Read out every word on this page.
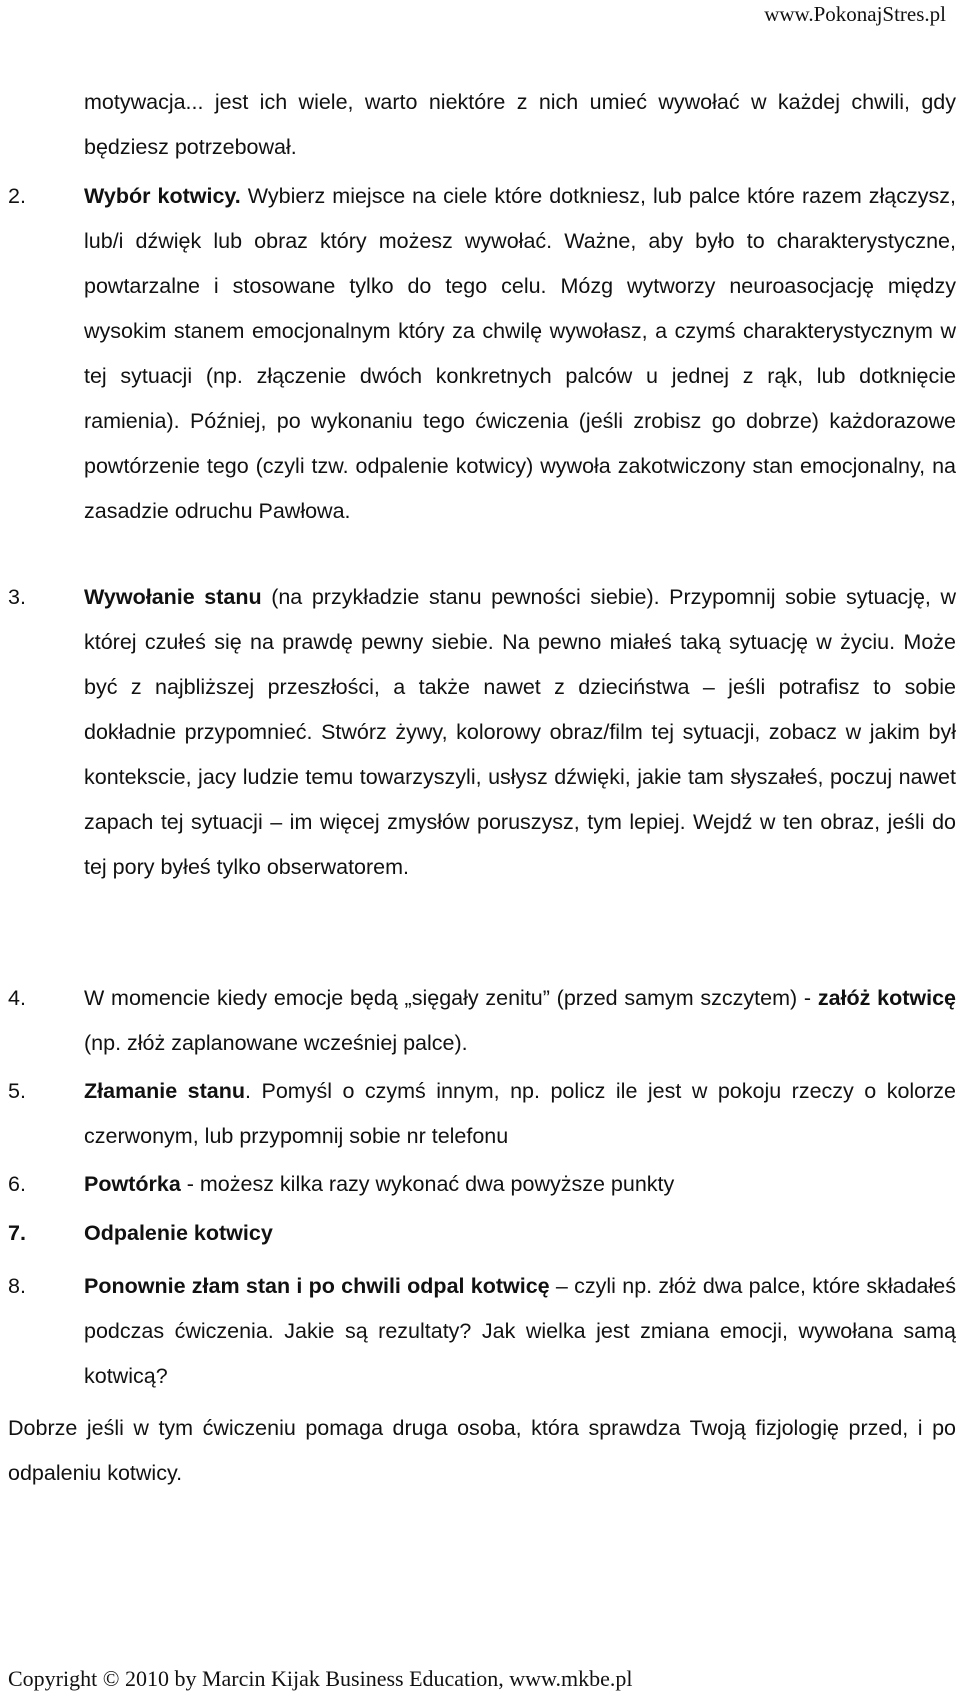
www.PokonajStres.pl
motywacja... jest ich wiele, warto niektóre z nich umieć wywołać w każdej chwili, gdy będziesz potrzebował.
2.	Wybór kotwicy. Wybierz miejsce na ciele które dotkniesz, lub palce które razem złączysz, lub/i dźwięk lub obraz który możesz wywołać. Ważne, aby było to charakterystyczne, powtarzalne i stosowane tylko do tego celu. Mózg wytworzy neuroasocjację między wysokim stanem emocjonalnym który za chwilę wywołasz, a czymś charakterystycznym w tej sytuacji (np. złączenie dwóch konkretnych palców u jednej z rąk, lub dotknięcie ramienia). Później, po wykonaniu tego ćwiczenia (jeśli zrobisz go dobrze) każdorazowe powtórzenie tego (czyli tzw. odpalenie kotwicy) wywoła zakotwiczony stan emocjonalny, na zasadzie odruchu Pawłowa.
3.	Wywołanie stanu (na przykładzie stanu pewności siebie). Przypomnij sobie sytuację, w której czułeś się na prawdę pewny siebie. Na pewno miałeś taką sytuację w życiu. Może być z najbliższej przeszłości, a także nawet z dzieciństwa – jeśli potrafisz to sobie dokładnie przypomnieć. Stwórz żywy, kolorowy obraz/film tej sytuacji, zobacz w jakim był kontekscie, jacy ludzie temu towarzyszyli, usłysz dźwięki, jakie tam słyszałeś, poczuj nawet zapach tej sytuacji – im więcej zmysłów poruszysz, tym lepiej. Wejdź w ten obraz, jeśli do tej pory byłeś tylko obserwatorem.
4.	W momencie kiedy emocje będą „sięgały zenitu” (przed samym szczytem) - załóż kotwicę (np. złóż zaplanowane wcześniej palce).
5.	Złamanie stanu. Pomyśl o czymś innym, np. policz ile jest w pokoju rzeczy o kolorze czerwonym, lub przypomnij sobie nr telefonu
6.	Powtórka - możesz kilka razy wykonać dwa powyższe punkty
7.	Odpalenie kotwicy
8.	Ponownie złam stan i po chwili odpal kotwicę – czyli np. złóż dwa palce, które składałeś podczas ćwiczenia. Jakie są rezultaty? Jak wielka jest zmiana emocji, wywołana samą kotwicą?
Dobrze jeśli w tym ćwiczeniu pomaga druga osoba, która sprawdza Twoją fizjologię przed, i po odpaleniu kotwicy.
Copyright © 2010 by Marcin Kijak Business Education, www.mkbe.pl
